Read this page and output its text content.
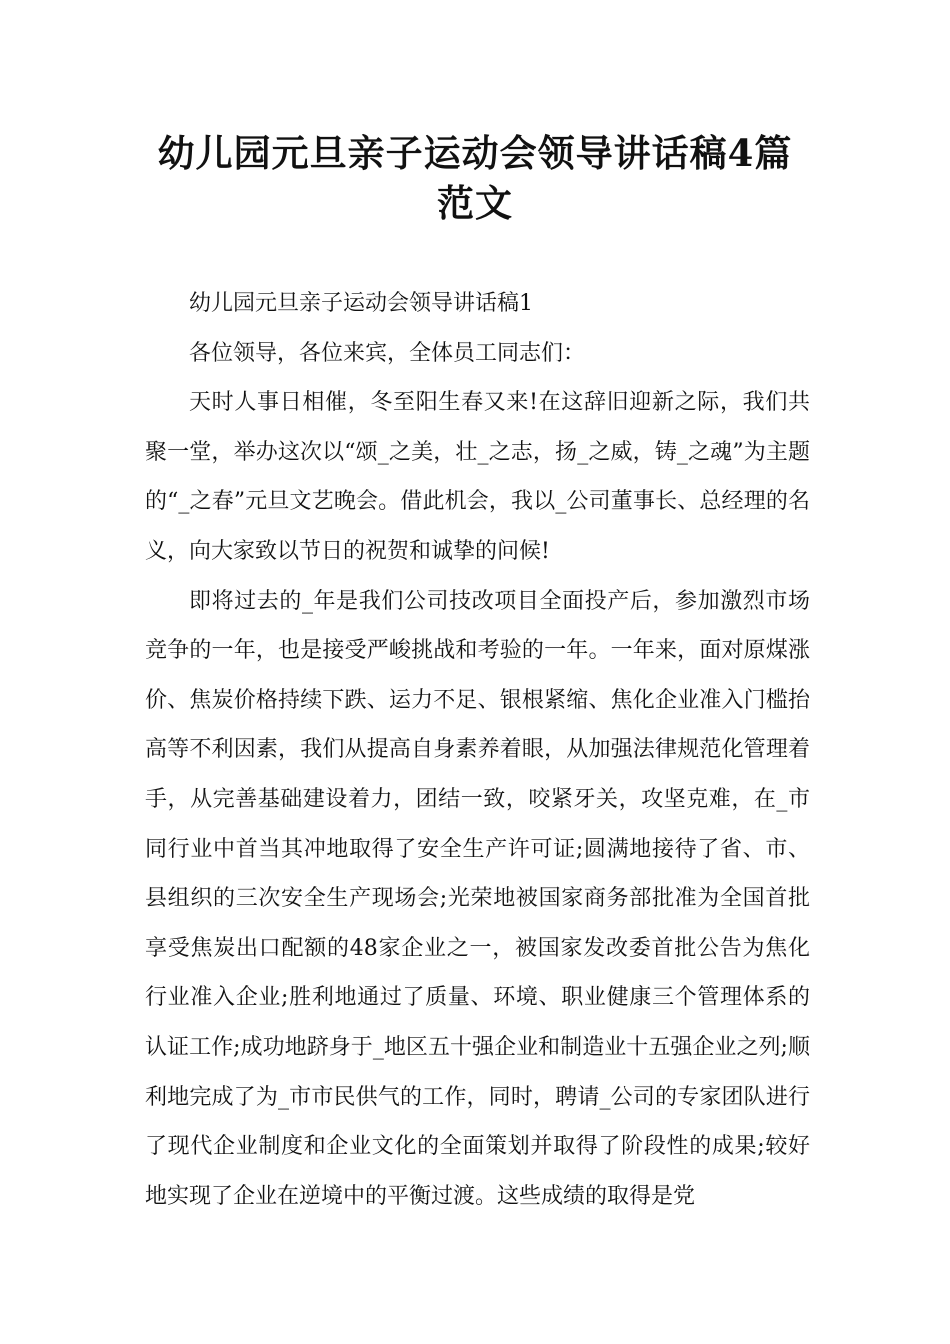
幼儿园元旦亲子运动会领导讲话稿4篇范文

幼儿园元旦亲子运动会领导讲话稿1

各位领导，各位来宾，全体员工同志们：

天时人事日相催，冬至阳生春又来!在这辞旧迎新之际，我们共聚一堂，举办这次以“颂_之美，壮_之志，扬_之威，铸_之魂”为主题的“_之春”元旦文艺晚会。借此机会，我以_公司董事长、总经理的名义，向大家致以节日的祝贺和诚挚的问候!

即将过去的_年是我们公司技改项目全面投产后，参加激烈市场竞争的一年，也是接受严峻挑战和考验的一年。一年来，面对原煤涨价、焦炭价格持续下跌、运力不足、银根紧缩、焦化企业准入门槛抬高等不利因素，我们从提高自身素养着眼，从加强法律规范化管理着手，从完善基础建设着力，团结一致，咬紧牙关，攻坚克难，在_市同行业中首当其冲地取得了安全生产许可证;圆满地接待了省、市、县组织的三次安全生产现场会;光荣地被国家商务部批准为全国首批享受焦炭出口配额的48家企业之一，被国家发改委首批公告为焦化行业准入企业;胜利地通过了质量、环境、职业健康三个管理体系的认证工作;成功地跻身于_地区五十强企业和制造业十五强企业之列;顺利地完成了为_市市民供气的工作，同时，聘请_公司的专家团队进行了现代企业制度和企业文化的全面策划并取得了阶段性的成果;较好地实现了企业在逆境中的平衡过渡。这些成绩的取得是党
